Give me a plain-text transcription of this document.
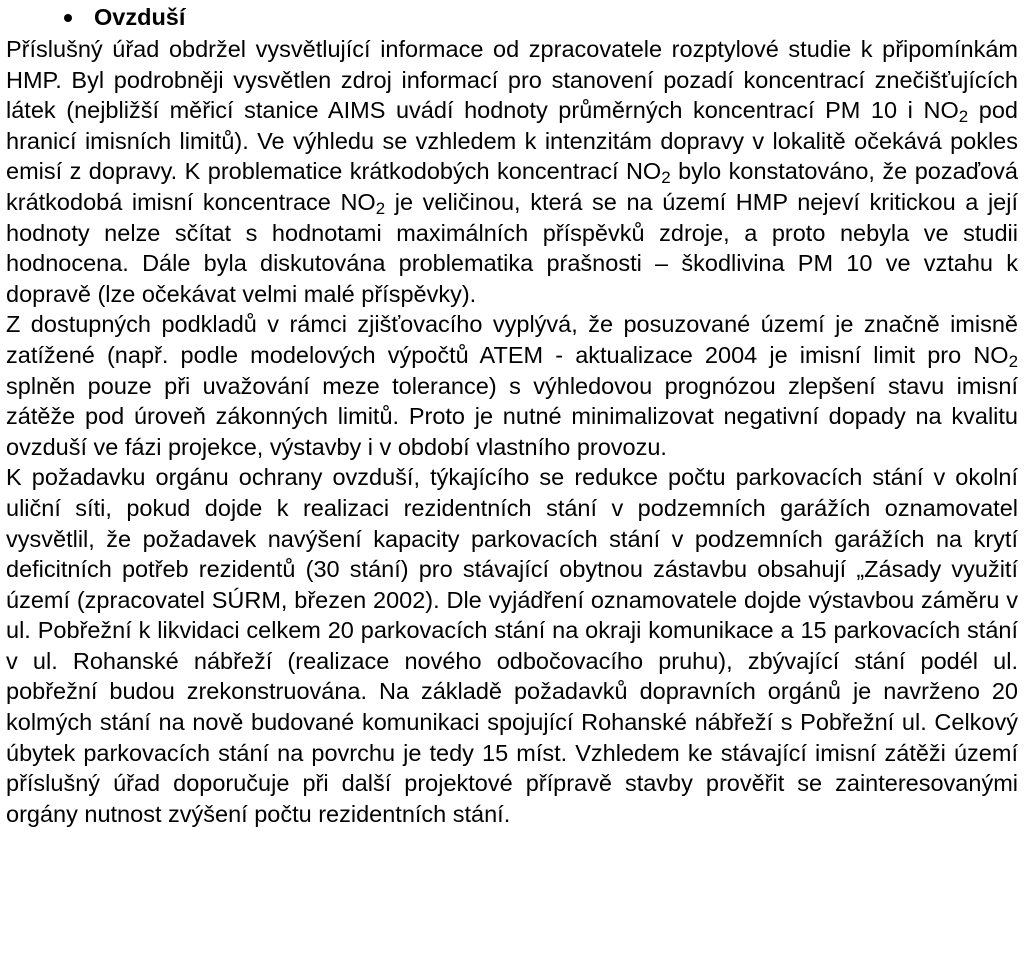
Ovzduší

Příslušný úřad obdržel vysvětlující informace od zpracovatele rozptylové studie k připomínkám HMP. Byl podrobněji vysvětlen zdroj informací pro stanovení pozadí koncentrací znečišťujících látek (nejbližší měřicí stanice AIMS uvádí hodnoty průměrných koncentrací PM 10 i $NO_2$ pod hranicí imisních limitů). Ve výhledu se vzhledem k intenzitám dopravy v lokalitě očekává pokles emisí z dopravy. K problematice krátkodobých koncentrací $NO_2$ bylo konstatováno, že pozaďová krátkodobá imisní koncentrace $NO_2$ je veličinou, která se na území HMP nejeví kritickou a její hodnoty nelze sčítat s hodnotami maximálních příspěvků zdroje, a proto nebyla ve studii hodnocena. Dále byla diskutována problematika prašnosti – škodlivina PM 10 ve vztahu k dopravě (lze očekávat velmi malé příspěvky).

Z dostupných podkladů v rámci zjišťovacího vyplývá, že posuzované území je značně imisně zatížené (např. podle modelových výpočtů ATEM - aktualizace 2004 je imisní limit pro $NO_2$ splněn pouze při uvažování meze tolerance) s výhledovou prognózou zlepšení stavu imisní zátěže pod úroveň zákonných limitů. Proto je nutné minimalizovat negativní dopady na kvalitu ovzduší ve fázi projekce, výstavby i v období vlastního provozu.

K požadavku orgánu ochrany ovzduší, týkajícího se redukce počtu parkovacích stání v okolní uliční síti, pokud dojde k realizaci rezidentních stání v podzemních garážích oznamovatel vysvětlil, že požadavek navýšení kapacity parkovacích stání v podzemních garážích na krytí deficitních potřeb rezidentů (30 stání) pro stávající obytnou zástavbu obsahují „Zásady využití území (zpracovatel SÚRM, březen 2002). Dle vyjádření oznamovatele dojde výstavbou záměru v ul. Pobřežní k likvidaci celkem 20 parkovacích stání na okraji komunikace a 15 parkovacích stání v ul. Rohanské nábřeží (realizace nového odbočovacího pruhu), zbývající stání podél ul. pobřežní budou zrekonstruována. Na základě požadavků dopravních orgánů je navrženo 20 kolmých stání na nově budované komunikaci spojující Rohanské nábřeží s Pobřežní ul. Celkový úbytek parkovacích stání na povrchu je tedy 15 míst. Vzhledem ke stávající imisní zátěži území příslušný úřad doporučuje při další projektové přípravě stavby prověřit se zainteresovanými orgány nutnost zvýšení počtu rezidentních stání.
